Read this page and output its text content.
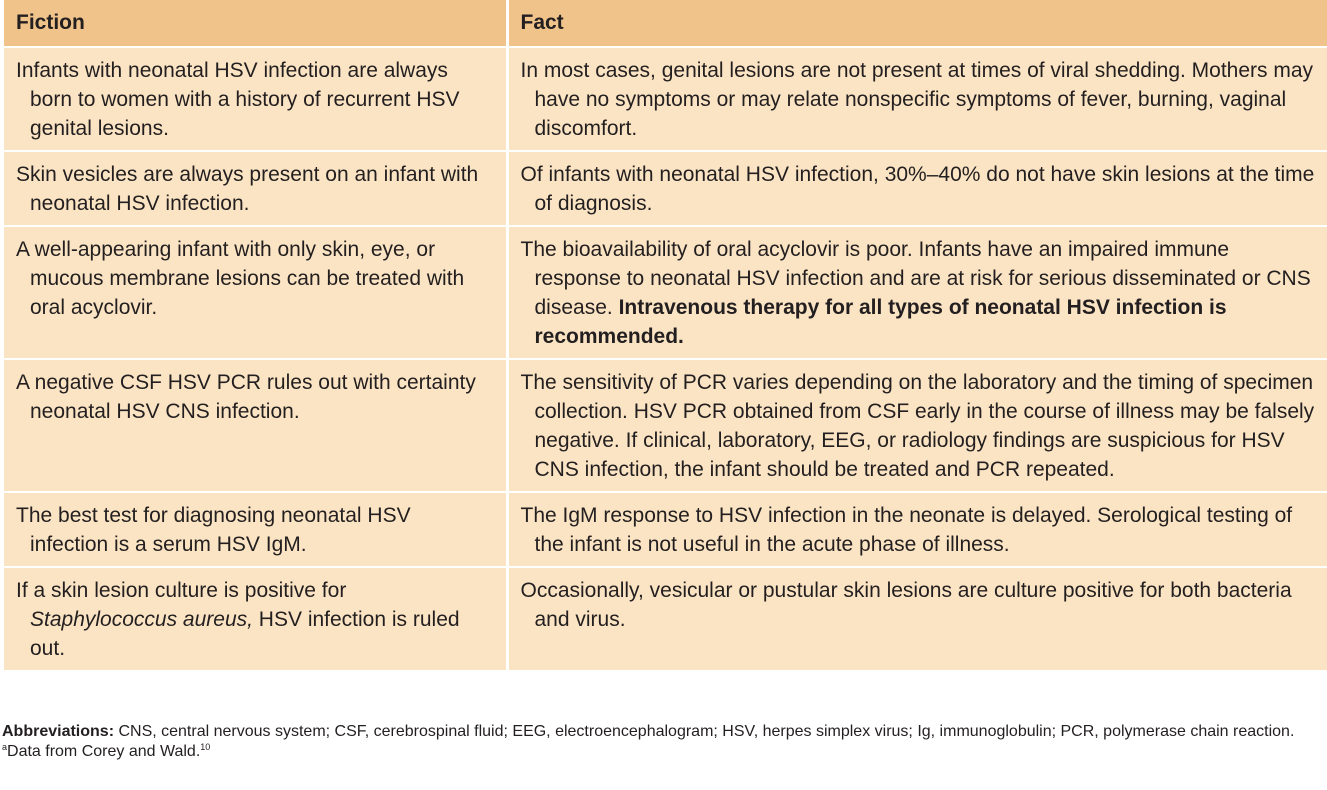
Fiction	Fact

Infants with neonatal HSV infection are always born to women with a history of recurrent HSV genital lesions.	In most cases, genital lesions are not present at times of viral shedding. Mothers may have no symptoms or may relate nonspecific symptoms of fever, burning, vaginal discomfort.

Skin vesicles are always present on an infant with neonatal HSV infection.	Of infants with neonatal HSV infection, 30%–40% do not have skin lesions at the time of diagnosis.

A well-appearing infant with only skin, eye, or mucous membrane lesions can be treated with oral acyclovir.	The bioavailability of oral acyclovir is poor. Infants have an impaired immune response to neonatal HSV infection and are at risk for serious disseminated or CNS disease. Intravenous therapy for all types of neonatal HSV infection is recommended.

A negative CSF HSV PCR rules out with certainty neonatal HSV CNS infection.	The sensitivity of PCR varies depending on the laboratory and the timing of specimen collection. HSV PCR obtained from CSF early in the course of illness may be falsely negative. If clinical, laboratory, EEG, or radiology findings are suspicious for HSV CNS infection, the infant should be treated and PCR repeated.

The best test for diagnosing neonatal HSV infection is a serum HSV IgM.	The IgM response to HSV infection in the neonate is delayed. Serological testing of the infant is not useful in the acute phase of illness.

If a skin lesion culture is positive for Staphylococcus aureus, HSV infection is ruled out.	Occasionally, vesicular or pustular skin lesions are culture positive for both bacteria and virus.
Abbreviations: CNS, central nervous system; CSF, cerebrospinal fluid; EEG, electroencephalogram; HSV, herpes simplex virus; Ig, immunoglobulin; PCR, polymerase chain reaction.
$^a$Data from Corey and Wald.$^{10}$
